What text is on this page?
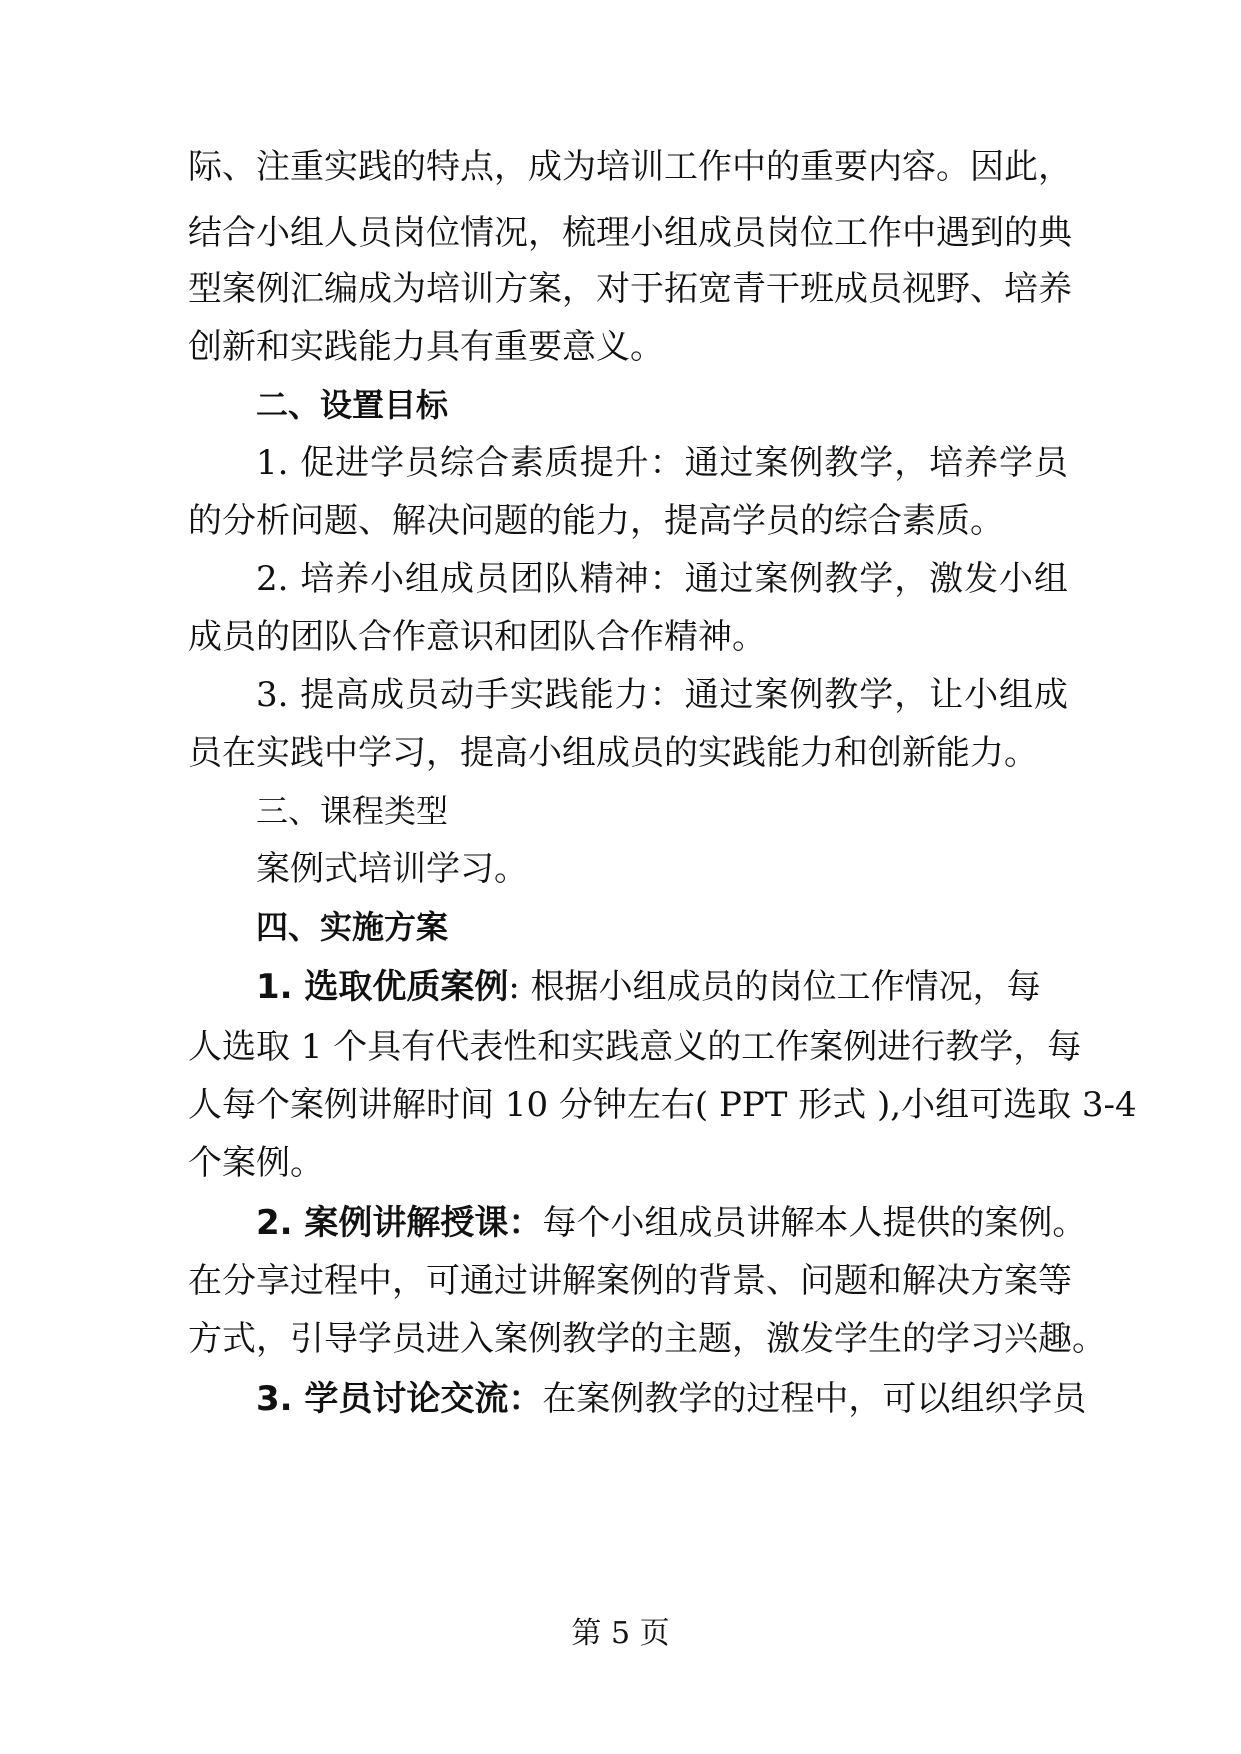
际、注重实践的特点，成为培训工作中的重要内容。因此，
结合小组人员岗位情况，梳理小组成员岗位工作中遇到的典
型案例汇编成为培训方案，对于拓宽青干班成员视野、培养
创新和实践能力具有重要意义。
二、设置目标
1. 促进学员综合素质提升：通过案例教学，培养学员
的分析问题、解决问题的能力，提高学员的综合素质。
2. 培养小组成员团队精神：通过案例教学，激发小组
成员的团队合作意识和团队合作精神。
3. 提高成员动手实践能力：通过案例教学，让小组成
员在实践中学习，提高小组成员的实践能力和创新能力。
三、课程类型
案例式培训学习。
四、实施方案
1. 选取优质案例: 根据小组成员的岗位工作情况，每
人选取 1 个具有代表性和实践意义的工作案例进行教学，每
人每个案例讲解时间 10 分钟左右( PPT 形式 ),小组可选取 3-4
个案例。
2. 案例讲解授课：每个小组成员讲解本人提供的案例。
在分享过程中，可通过讲解案例的背景、问题和解决方案等
方式，引导学员进入案例教学的主题，激发学生的学习兴趣。
3. 学员讨论交流：在案例教学的过程中，可以组织学员
第 5 页
